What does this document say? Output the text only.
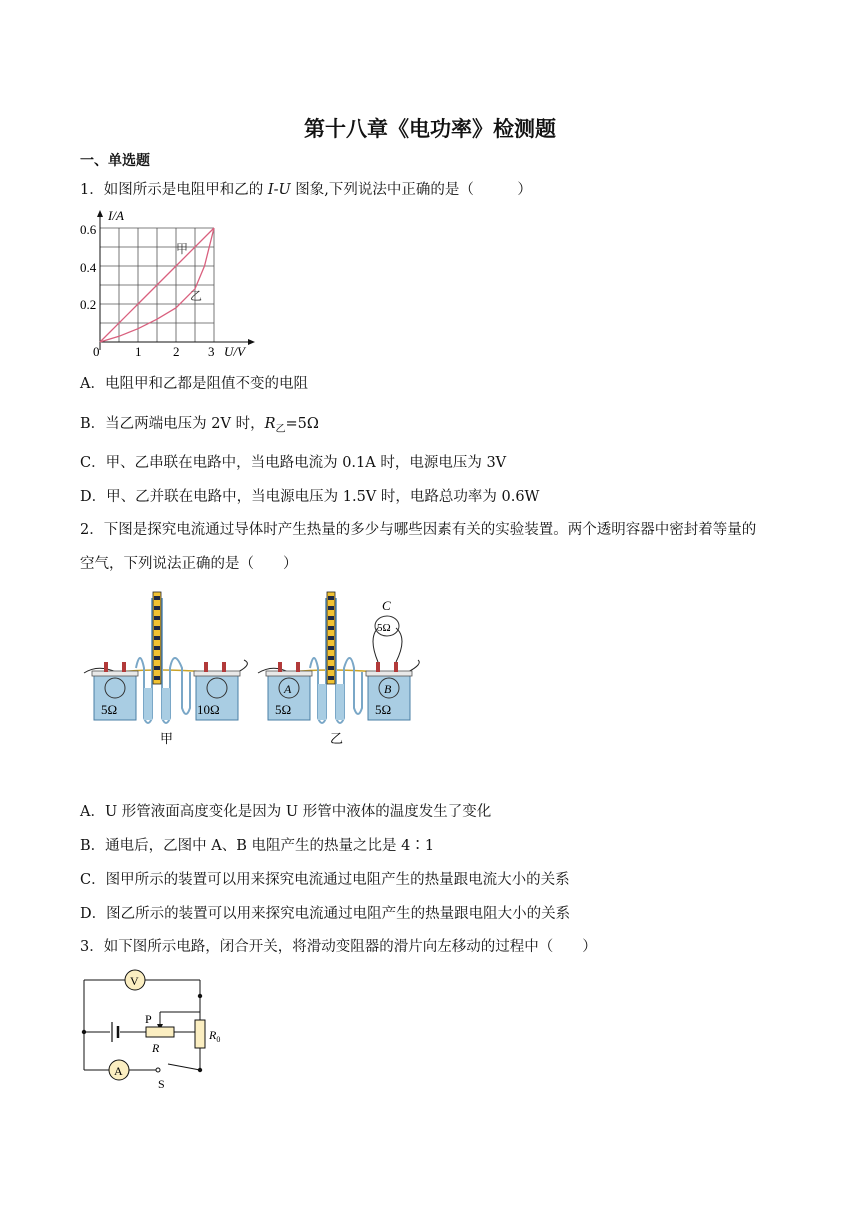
第十八章《电功率》检测题
一、单选题
1．如图所示是电阻甲和乙的 I-U 图象,下列说法中正确的是（　　　）
I/A
U/V
0.6
0.4
0.2
0	1 2 3
甲
乙
A．电阻甲和乙都是阻值不变的电阻
B．当乙两端电压为 2V 时，$R_乙=5\Omega$
C．甲、乙串联在电路中，当电路电流为 0.1A 时，电源电压为 3V
D．甲、乙并联在电路中，当电源电压为 1.5V 时，电路总功率为 0.6W
2．下图是探究电流通过导体时产生热量的多少与哪些因素有关的实验装置。两个透明容器中密封着等量的
空气，下列说法正确的是（　　）
5Ω	10Ω
甲
A
5Ω
B
5Ω
C
5Ω
乙
A．U 形管液面高度变化是因为 U 形管中液体的温度发生了变化
B．通电后，乙图中 A、B 电阻产生的热量之比是 4∶1
C．图甲所示的装置可以用来探究电流通过电阻产生的热量跟电流大小的关系
D．图乙所示的装置可以用来探究电流通过电阻产生的热量跟电阻大小的关系
3．如下图所示电路，闭合开关，将滑动变阻器的滑片向左移动的过程中（　　）
V
A
P
R
$R_0$
S
